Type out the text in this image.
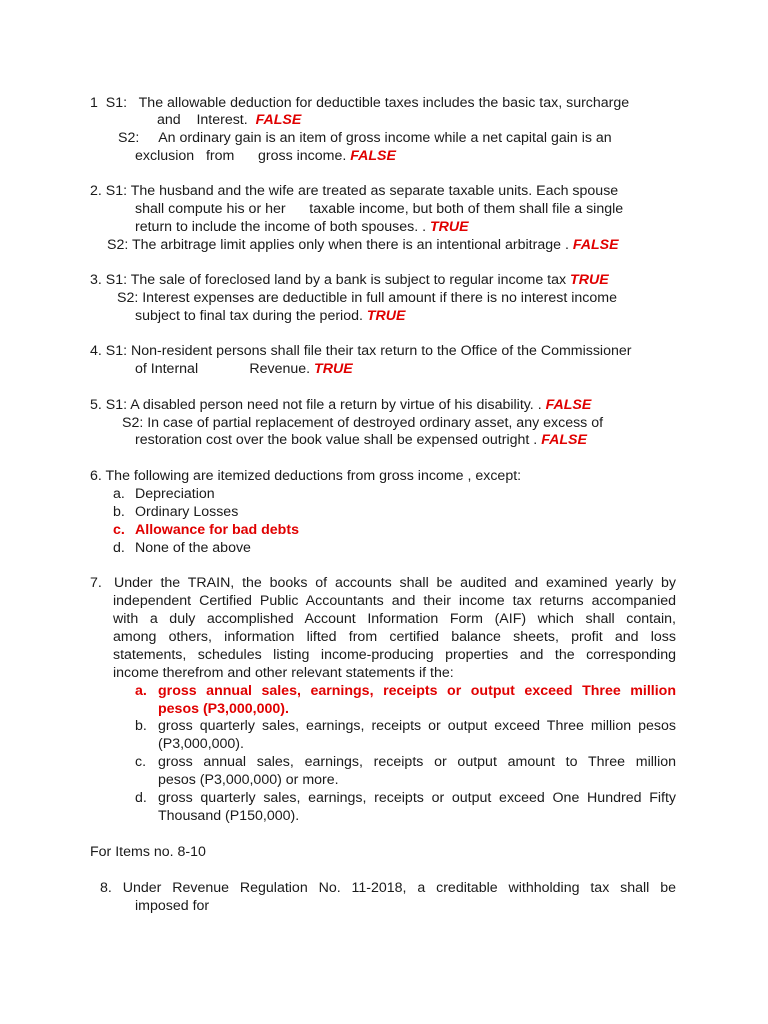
1  S1:   The allowable deduction for deductible taxes includes the basic tax, surcharge
and    Interest. FALSE
S2:     An ordinary gain is an item of gross income while a net capital gain is an
exclusion   from      gross income. FALSE
2. S1: The husband and the wife are treated as separate taxable units. Each spouse
shall compute his or her      taxable income, but both of them shall file a single
return to include the income of both spouses. . TRUE
S2: The arbitrage limit applies only when there is an intentional arbitrage . FALSE
3. S1: The sale of foreclosed land by a bank is subject to regular income tax TRUE
S2: Interest expenses are deductible in full amount if there is no interest income
subject to final tax during the period. TRUE
4. S1: Non-resident persons shall file their tax return to the Office of the Commissioner
of Internal             Revenue. TRUE
5. S1: A disabled person need not file a return by virtue of his disability. . FALSE
S2: In case of partial replacement of destroyed ordinary asset, any excess of
restoration cost over the book value shall be expensed outright . FALSE
6. The following are itemized deductions from gross income , except:
a. Depreciation
b. Ordinary Losses
c. Allowance for bad debts
d. None of the above
7. Under the TRAIN, the books of accounts shall be audited and examined yearly by
independent Certified Public Accountants and their income tax returns accompanied
with a duly accomplished Account Information Form (AIF) which shall contain,
among others, information lifted from certified balance sheets, profit and loss
statements, schedules listing income-producing properties and the corresponding
income therefrom and other relevant statements if the:
a. gross annual sales, earnings, receipts or output exceed Three million
pesos (P3,000,000).
b. gross quarterly sales, earnings, receipts or output exceed Three million pesos
(P3,000,000).
c. gross annual sales, earnings, receipts or output amount to Three million
pesos (P3,000,000) or more.
d. gross quarterly sales, earnings, receipts or output exceed One Hundred Fifty
Thousand (P150,000).
For Items no. 8-10
8. Under Revenue Regulation No. 11-2018, a creditable withholding tax shall be
imposed for
